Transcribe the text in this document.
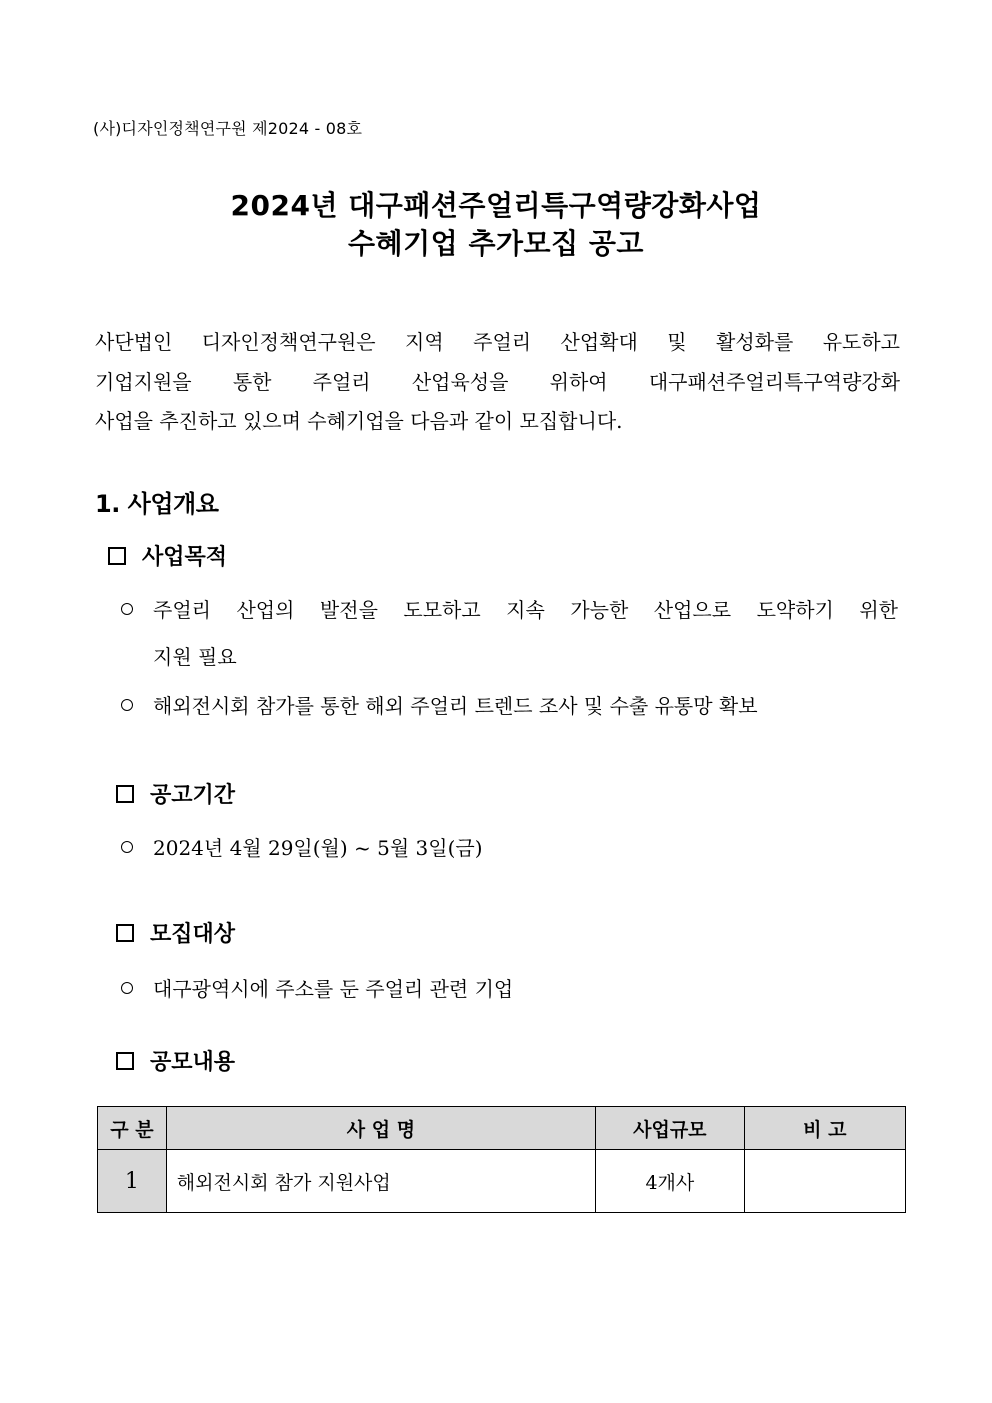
(사)디자인정책연구원 제2024 - 08호
2024년 대구패션주얼리특구역량강화사업
수혜기업 추가모집 공고
사단법인 디자인정책연구원은 지역 주얼리 산업확대 및 활성화를 유도하고
기업지원을 통한 주얼리 산업육성을 위하여 대구패션주얼리특구역량강화
사업을 추진하고 있으며 수혜기업을 다음과 같이 모집합니다.
1. 사업개요
사업목적
주얼리 산업의 발전을 도모하고 지속 가능한 산업으로 도약하기 위한
지원 필요
해외전시회 참가를 통한 해외 주얼리 트렌드 조사 및 수출 유통망 확보
공고기간
2024년 4월 29일(월) ~ 5월 3일(금)
모집대상
대구광역시에 주소를 둔 주얼리 관련 기업
공모내용
구 분	사 업 명	사업규모	비 고
1	해외전시회 참가 지원사업	4개사	
